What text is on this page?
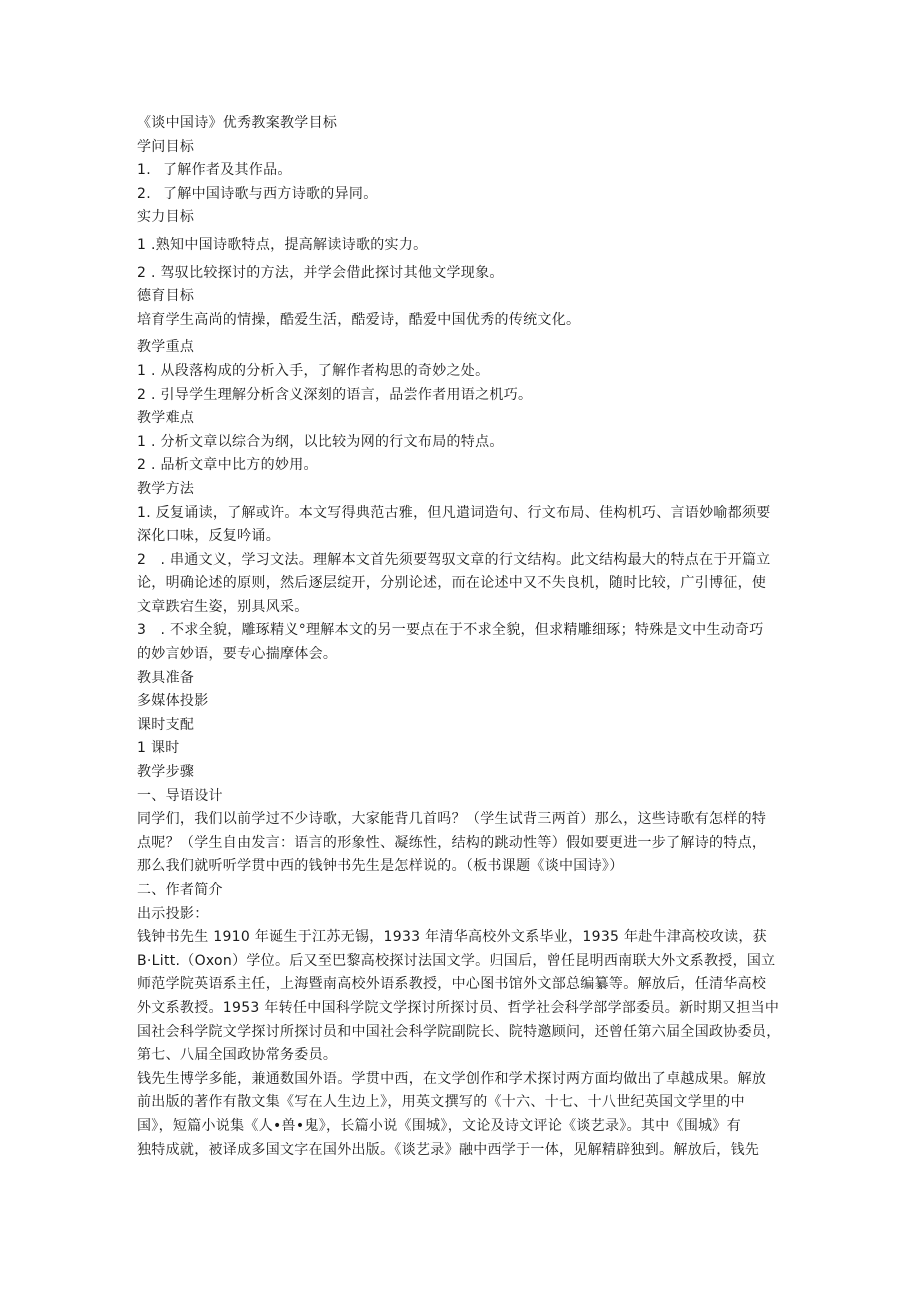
《谈中国诗》优秀教案教学目标
学问目标
1. 了解作者及其作品。
2. 了解中国诗歌与西方诗歌的异同。
实力目标
1 .熟知中国诗歌特点，提高解读诗歌的实力。
2 . 驾驭比较探讨的方法，并学会借此探讨其他文学现象。
德育目标
培育学生高尚的情操，酷爱生活，酷爱诗，酷爱中国优秀的传统文化。
教学重点
1 . 从段落构成的分析入手，了解作者构思的奇妙之处。
2 . 引导学生理解分析含义深刻的语言，品尝作者用语之机巧。
教学难点
1 . 分析文章以综合为纲，以比较为网的行文布局的特点。
2 . 品析文章中比方的妙用。
教学方法
1. 反复诵读，了解或许。本文写得典范古雅，但凡遣词造句、行文布局、佳构机巧、言语妙喻都须要
深化口味，反复吟诵。
2　. 串通文义，学习文法。理解本文首先须要驾驭文章的行文结构。此文结构最大的特点在于开篇立
论，明确论述的原则，然后逐层绽开，分别论述，而在论述中又不失良机，随时比较，广引博征，使
文章跌宕生姿，别具风采。
3　. 不求全貌，雕琢精义°理解本文的另一要点在于不求全貌，但求精雕细琢；特殊是文中生动奇巧
的妙言妙语，要专心揣摩体会。
教具准备
多媒体投影
课时支配
1 课时
教学步骤
一、导语设计
同学们，我们以前学过不少诗歌，大家能背几首吗？（学生试背三两首）那么，这些诗歌有怎样的特
点呢？（学生自由发言：语言的形象性、凝练性，结构的跳动性等）假如要更进一步了解诗的特点，
那么我们就听听学贯中西的钱钟书先生是怎样说的。（板书课题《谈中国诗》）
二、作者简介
出示投影：
钱钟书先生 1910 年诞生于江苏无锡，1933 年清华高校外文系毕业，1935 年赴牛津高校攻读，获
B·Litt.（Oxon）学位。后又至巴黎高校探讨法国文学。归国后，曾任昆明西南联大外文系教授，国立
师范学院英语系主任，上海暨南高校外语系教授，中心图书馆外文部总编纂等。解放后，任清华高校
外文系教授。1953 年转任中国科学院文学探讨所探讨员、哲学社会科学部学部委员。新时期又担当中
国社会科学院文学探讨所探讨员和中国社会科学院副院长、院特邀顾问，还曾任第六届全国政协委员，
第七、八届全国政协常务委员。
钱先生博学多能，兼通数国外语。学贯中西，在文学创作和学术探讨两方面均做出了卓越成果。解放
前出版的著作有散文集《写在人生边上》，用英文撰写的《十六、十七、十八世纪英国文学里的中
国》，短篇小说集《人•兽•鬼》，长篇小说《围城》，文论及诗文评论《谈艺录》。其中《围城》有
独特成就，被译成多国文字在国外出版。《谈艺录》融中西学于一体，见解精辟独到。解放后，钱先
